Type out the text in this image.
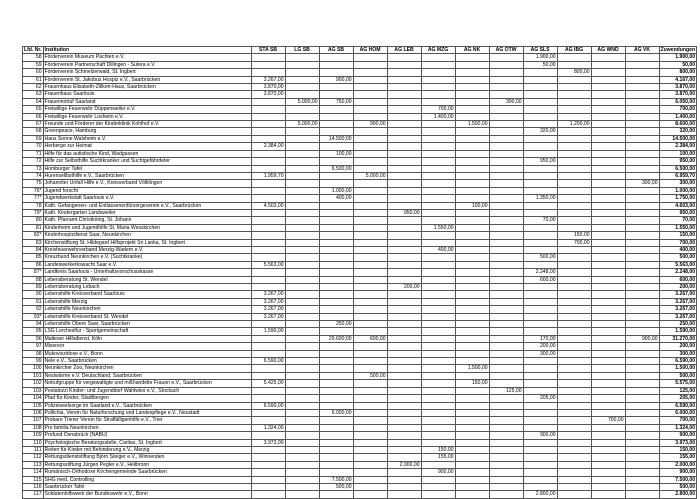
Lfd. Nr.	Institution	STA SB	LG SB	AG SB	AG HOM	AG LEB	AG MZG	AG NK	AG OTW	AG SLS	AG IBG	AG WND	AG VK	Zuwendungen
58	Förderverein Museum Pachten e.V.									1.900,00				1.900,00
59	Förderverein Partnerschaft Dillingen - Sutera e.V.									50,00				50,00
60	Förderverein Schmelzerwald, St. Ingbert										800,00			800,00
61	Förderverein St. Jakobus Hospiz e.V., Saarbrücken	3.267,00		900,00										4.167,00
62	Frauenhaus Elisabeth-Zillken-Haus, Saarbrücken	3.870,00												3.870,00
63	Frauenhaus Saarlouis	3.870,00												3.870,00
64	Frauennotruf Saarland		5.000,00	750,00					300,00					6.050,00
65	Freiwillige Feuerwehr Düppenweiler e.V.						700,00							700,00
66	Freiwillige Feuerwehr Losheim e.V.						1.400,00							1.400,00
67	Freunde und Förderer der Kinderklinik Kohlhof e.V.		5.000,00		900,00			1.500,00			1.200,00			8.600,00
68	Greenpeace, Hamburg									320,00				320,00
69	Haus Sonne Walsheim e.V.			14.500,00										14.500,00
70	Herberge zur Heimat	2.384,00												2.384,00
71	Hilfe für das autistische Kind, Wadgassen			100,00										100,00
72	Hilfe zur Selbsthilfe Suchtkranker und Suchtgefährdeter									950,00				950,00
73	Homburger Tafel			6.500,00										6.500,00
74	Hurensellbsthilfe e.V., Saarbrücken	1.959,70			5.000,00									6.959,70
75	Johanniter Unfall Hilfe e.V., Kreisverband Völklingen												300,00	300,00
76*	Jugend forscht			1.000,00										1.000,00
77*	Jugendwerkstatt Saarlouis e.V.			400,00						1.350,00				1.750,00
78	Kath. Gefangenen- und Entlassenenfürsorgeverein e.V., Saarbrücken	4.503,00						100,00						4.603,00
79*	Kath. Kindergarten Landsweiler					950,00								950,00
80	Kath. Pfarramt Christkönig, St. Johann									70,00				70,00
81	Kinderheim und Jugendhilfe St. Maria Wesskirchen						1.550,00							1.550,00
82*	Kinderhospizdienst Saar, Neunkirchen										150,00			150,00
83	Kirchenstiftung St. Hildegard Hilfsprojekt Sri Lanka, St. Ingbert										700,00			700,00
84	Kreisfeuerwehrverband Merzig-Wadern e.V.						400,00							400,00
85	Kreuzbund Neunkirchen e.V. (Suchtkranke)									500,00				500,00
86	Landeswerkerkswacht Saar e.V.	5.563,00												5.563,00
87*	Landkreis Saarlouis - Unterhaltsvorschusskasse									2.248,00				2.248,00
88	Lebensberatung St. Wendel									600,00				600,00
89	Lebensberatung Lebach					200,00								200,00
90	Lebenshilfe Kreisverband Saarlouis	3.267,00												3.267,00
91	Lebenshilfe Merzig	3.267,00												3.267,00
92	Lebenshilfe Neunkirchen	3.267,00												3.267,00
93*	Lebenshilfe Kreisverband St. Wendel	3.267,00												3.267,00
94	Lebenshilfe Obere Saar, Saarbrücken			250,00										250,00
95	LSG Lerchesflur - Sportgemeinschaft	1.590,00												1.590,00
96	Malteser Hilfsdienst, Köln			29.600,00	600,00					170,00			900,00	31.270,00
97	Misereor									200,00				200,00
98	Mukoviszidose e.V., Bonn									300,00				300,00
99	Nele e.V., Saarbrücken	6.590,00												6.590,00
100	Neunkircher Zoo, Neunkirchen							1.500,00						1.500,00
101	Nestwärme e.V. Deutschland, Saarbrücken				500,00									500,00
102	Notrufgruppe für vergewaltigte und mißhandelte Frauen e.V., Saarbrücken	5.425,00						150,00						5.575,00
103	Pestalozzi Kinder- und Jugenddorf Wahlwies e.V., Stockach								125,00					125,00
104	Pfad für Kinder, Stadtbergen									205,00				205,00
105	Polizeiseelsorge im Saarland e.V., Saarbrücken	6.590,00												6.590,00
106	Pollichia, Verein für Naturforschung und Landespflege e.V., Neustadt			6.000,00										6.000,00
107	Probare Trierer Verein für Straffälligenhilfe e.V., Trier											700,00		700,00
108	Pro familia Neunkirchen	1.324,00												1.324,00
109	Profund Osnabrück (NABU)									900,00				900,00
110	Psychologische Beratungsstelle, Caritas, St. Ingbert	3.973,00												3.973,00
111	Reiten für Kinder mit Behinderung e.V., Merzig						150,00							150,00
112	Rettungsdienststiftung Björn Steiger e.V., Winnenden						155,00							155,00
113	Rettungsstiftung Jürgen Pegler e.V., Heilbronn					2.000,00								2.000,00
114	Rumänisch-Orthodoxe Kirchengemeinde Saarbrücken						900,00							900,00
115	SHG med. Controlling			7.500,00										7.500,00
116	Saarbrücker Tafel			500,00										500,00
117	Soldatenhilfswerk der Bundeswehr e.V., Bonn									2.800,00				2.800,00
